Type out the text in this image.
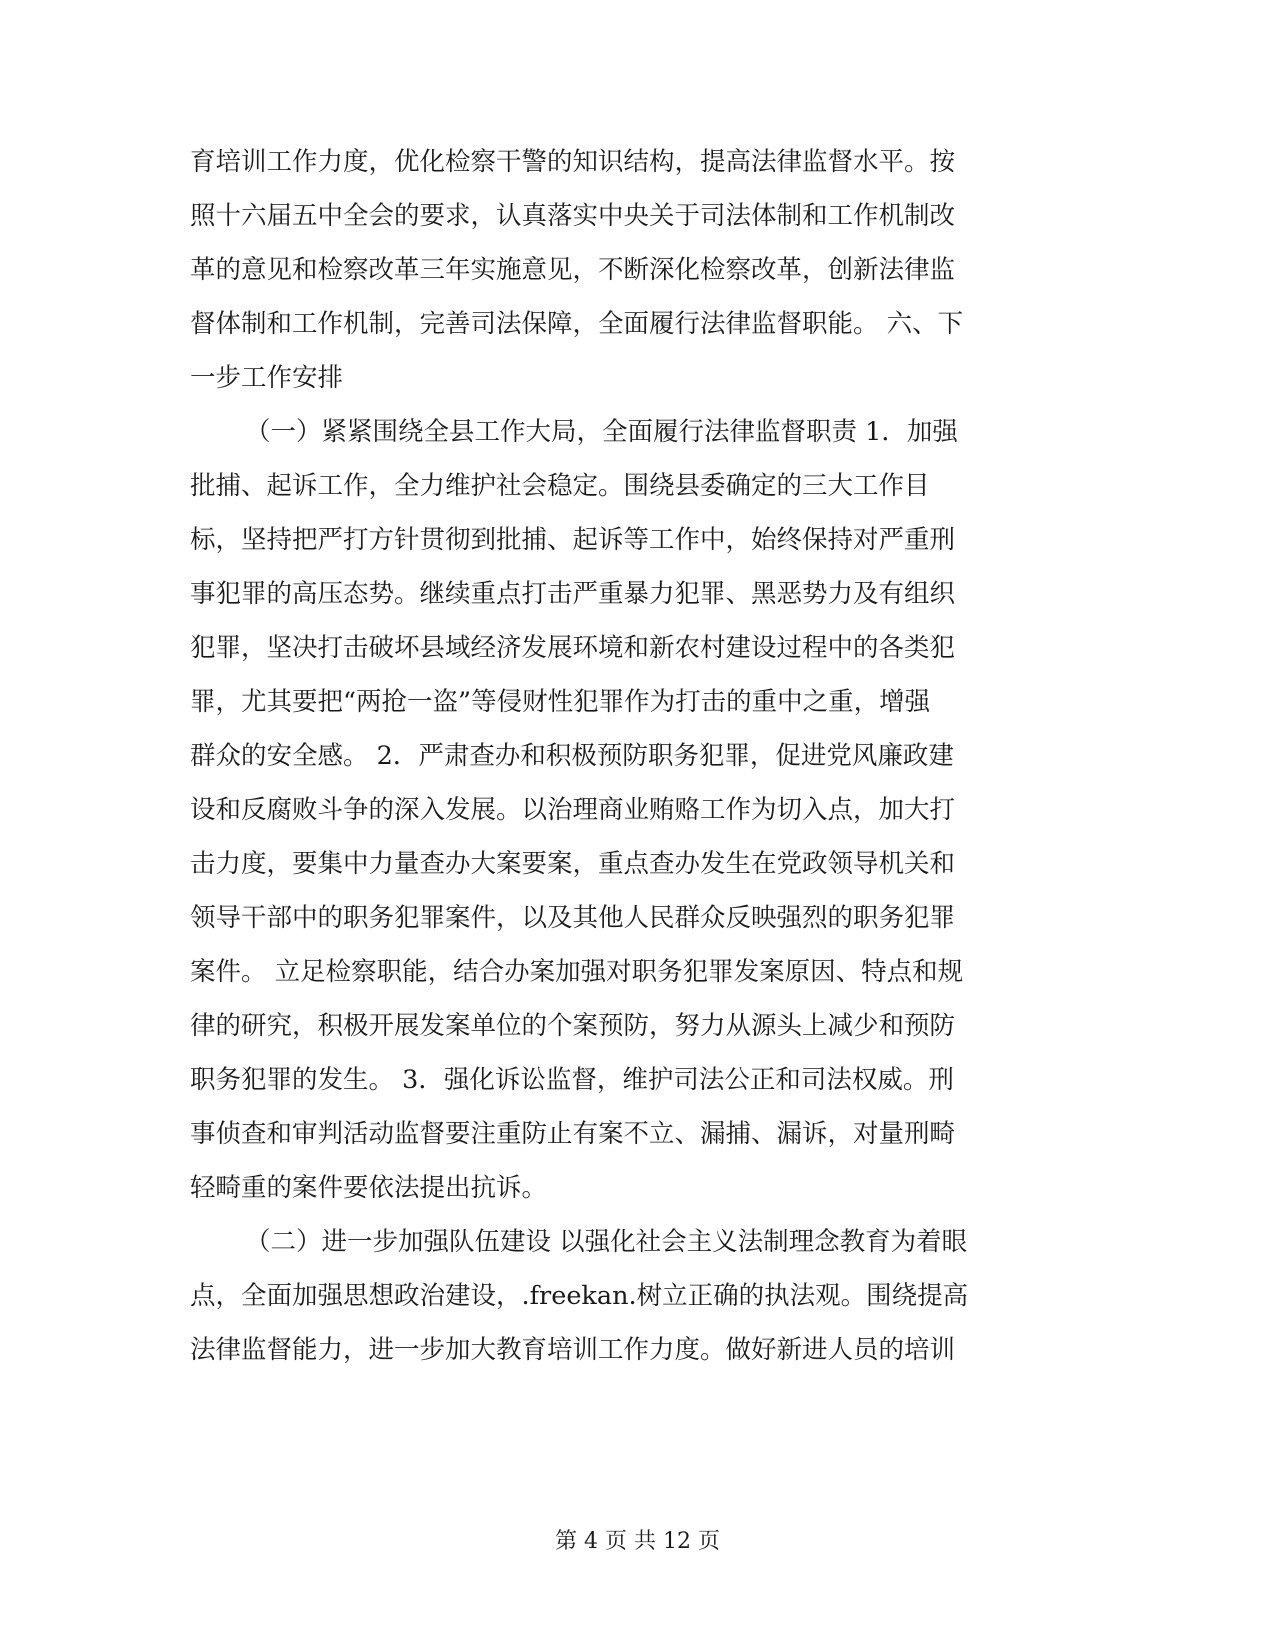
育培训工作力度，优化检察干警的知识结构，提高法律监督水平。按

照十六届五中全会的要求，认真落实中央关于司法体制和工作机制改

革的意见和检察改革三年实施意见，不断深化检察改革，创新法律监

督体制和工作机制，完善司法保障，全面履行法律监督职能。 六、下

一步工作安排

（一）紧紧围绕全县工作大局，全面履行法律监督职责 1．加强

批捕、起诉工作，全力维护社会稳定。围绕县委确定的三大工作目

标，坚持把严打方针贯彻到批捕、起诉等工作中，始终保持对严重刑

事犯罪的高压态势。继续重点打击严重暴力犯罪、黑恶势力及有组织

犯罪，坚决打击破坏县域经济发展环境和新农村建设过程中的各类犯

罪，尤其要把“两抢一盗”等侵财性犯罪作为打击的重中之重，增强

群众的安全感。 2．严肃查办和积极预防职务犯罪，促进党风廉政建

设和反腐败斗争的深入发展。以治理商业贿赂工作为切入点，加大打

击力度，要集中力量查办大案要案，重点查办发生在党政领导机关和

领导干部中的职务犯罪案件，以及其他人民群众反映强烈的职务犯罪

案件。 立足检察职能，结合办案加强对职务犯罪发案原因、特点和规

律的研究，积极开展发案单位的个案预防，努力从源头上减少和预防

职务犯罪的发生。 3．强化诉讼监督，维护司法公正和司法权威。刑

事侦查和审判活动监督要注重防止有案不立、漏捕、漏诉，对量刑畸

轻畸重的案件要依法提出抗诉。

（二）进一步加强队伍建设 以强化社会主义法制理念教育为着眼

点，全面加强思想政治建设，.freekan.树立正确的执法观。围绕提高

法律监督能力，进一步加大教育培训工作力度。做好新进人员的培训

第 4 页 共 12 页
